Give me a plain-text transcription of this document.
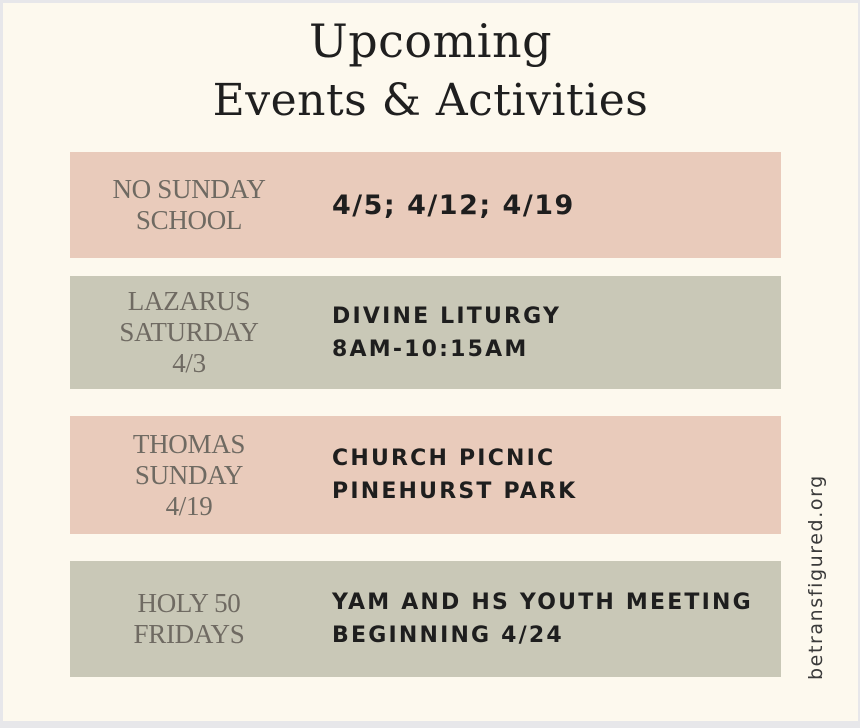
Upcoming
Events & Activities
NO SUNDAY
SCHOOL	4/5; 4/12; 4/19
LAZARUS
SATURDAY
4/3
DIVINE LITURGY
8AM-10:15AM
THOMAS
SUNDAY
4/19
CHURCH PICNIC
PINEHURST PARK
HOLY 50
FRIDAYS
YAM AND HS YOUTH MEETING
BEGINNING 4/24	betransfigured.org
